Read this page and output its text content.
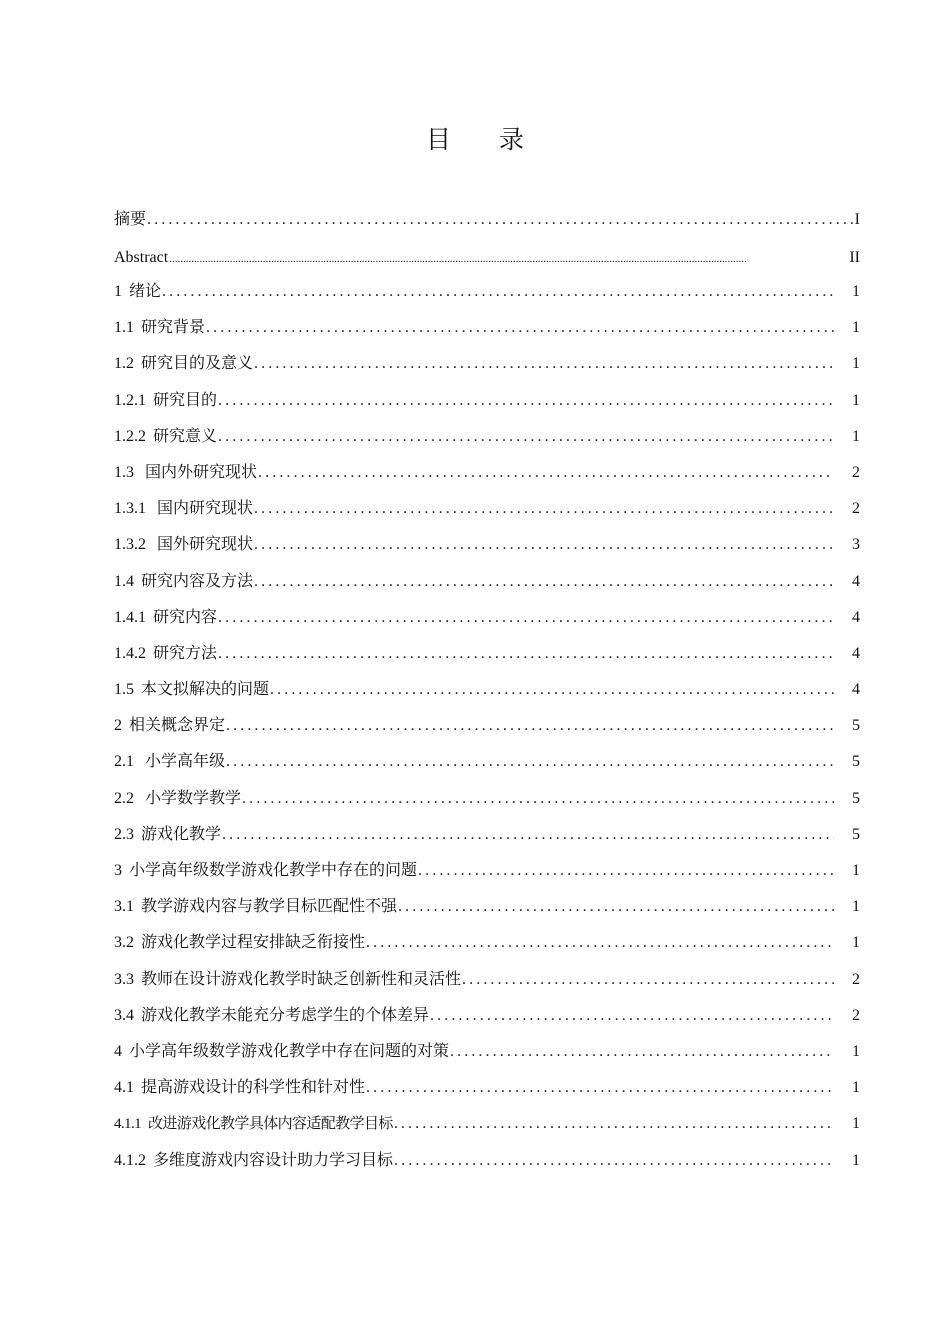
目 录
摘要 .....	I
Abstract .....	II
1 绪论 .....	1
1.1 研究背景 .....	1
1.2 研究目的及意义 .....	1
1.2.1 研究目的 .....	1
1.2.2 研究意义 .....	1
1.3 国内外研究现状 .....	2
1.3.1 国内研究现状 .....	2
1.3.2 国外研究现状 .....	3
1.4 研究内容及方法 .....	4
1.4.1 研究内容 .....	4
1.4.2 研究方法 .....	4
1.5 本文拟解决的问题 .....	4
2 相关概念界定 .....	5
2.1 小学高年级 .....	5
2.2 小学数学教学 .....	5
2.3 游戏化教学 .....	5
3 小学高年级数学游戏化教学中存在的问题 .....	1
3.1 教学游戏内容与教学目标匹配性不强 .....	1
3.2 游戏化教学过程安排缺乏衔接性 .....	1
3.3 教师在设计游戏化教学时缺乏创新性和灵活性 .....	2
3.4 游戏化教学未能充分考虑学生的个体差异 .....	2
4 小学高年级数学游戏化教学中存在问题的对策 .....	1
4.1 提高游戏设计的科学性和针对性 .....	1
4.1.1 改进游戏化教学具体内容适配教学目标 .....	1
4.1.2 多维度游戏内容设计助力学习目标 .....	1
